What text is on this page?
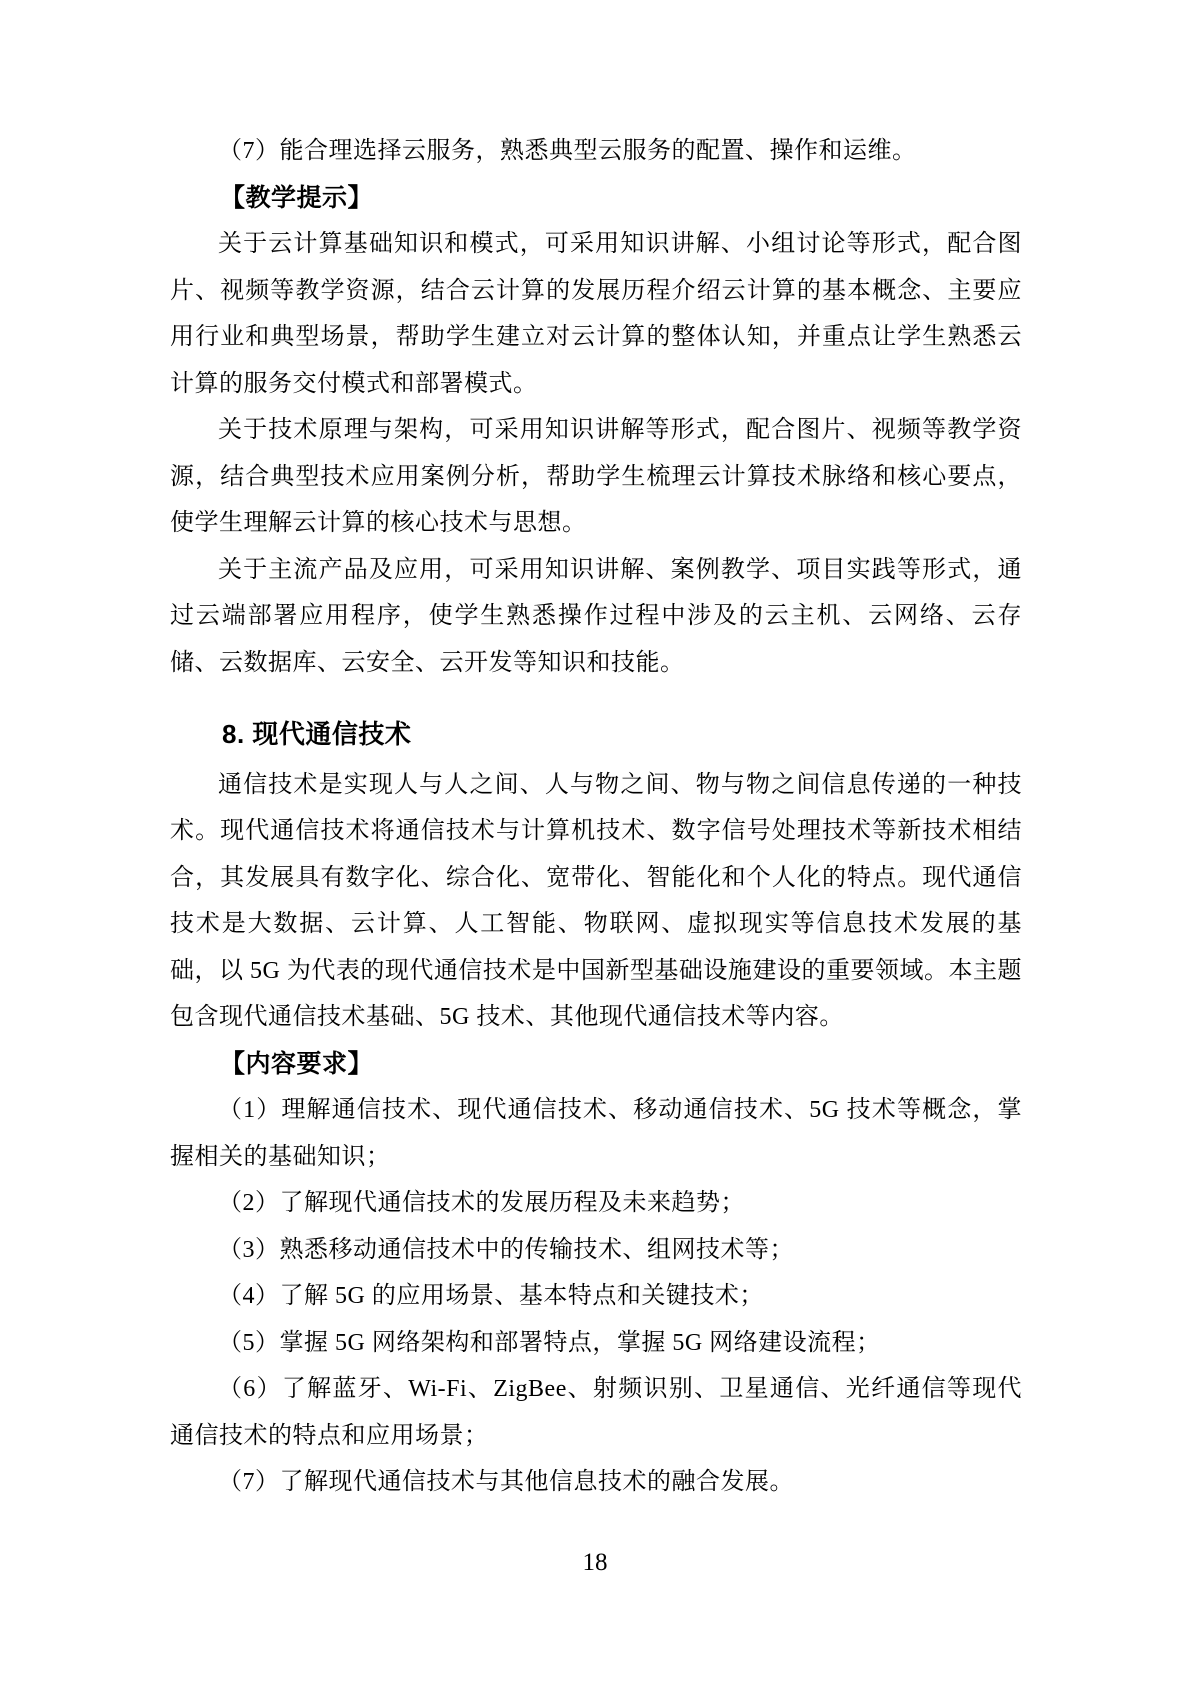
（7）能合理选择云服务，熟悉典型云服务的配置、操作和运维。

【教学提示】

关于云计算基础知识和模式，可采用知识讲解、小组讨论等形式，配合图片、视频等教学资源，结合云计算的发展历程介绍云计算的基本概念、主要应用行业和典型场景，帮助学生建立对云计算的整体认知，并重点让学生熟悉云计算的服务交付模式和部署模式。

关于技术原理与架构，可采用知识讲解等形式，配合图片、视频等教学资源，结合典型技术应用案例分析，帮助学生梳理云计算技术脉络和核心要点，使学生理解云计算的核心技术与思想。

关于主流产品及应用，可采用知识讲解、案例教学、项目实践等形式，通过云端部署应用程序，使学生熟悉操作过程中涉及的云主机、云网络、云存储、云数据库、云安全、云开发等知识和技能。

8. 现代通信技术

通信技术是实现人与人之间、人与物之间、物与物之间信息传递的一种技术。现代通信技术将通信技术与计算机技术、数字信号处理技术等新技术相结合，其发展具有数字化、综合化、宽带化、智能化和个人化的特点。现代通信技术是大数据、云计算、人工智能、物联网、虚拟现实等信息技术发展的基础，以 5G 为代表的现代通信技术是中国新型基础设施建设的重要领域。本主题包含现代通信技术基础、5G 技术、其他现代通信技术等内容。

【内容要求】

（1）理解通信技术、现代通信技术、移动通信技术、5G 技术等概念，掌握相关的基础知识；

（2）了解现代通信技术的发展历程及未来趋势；

（3）熟悉移动通信技术中的传输技术、组网技术等；

（4）了解 5G 的应用场景、基本特点和关键技术；

（5）掌握 5G 网络架构和部署特点，掌握 5G 网络建设流程；

（6）了解蓝牙、Wi-Fi、ZigBee、射频识别、卫星通信、光纤通信等现代通信技术的特点和应用场景；

（7）了解现代通信技术与其他信息技术的融合发展。

18
